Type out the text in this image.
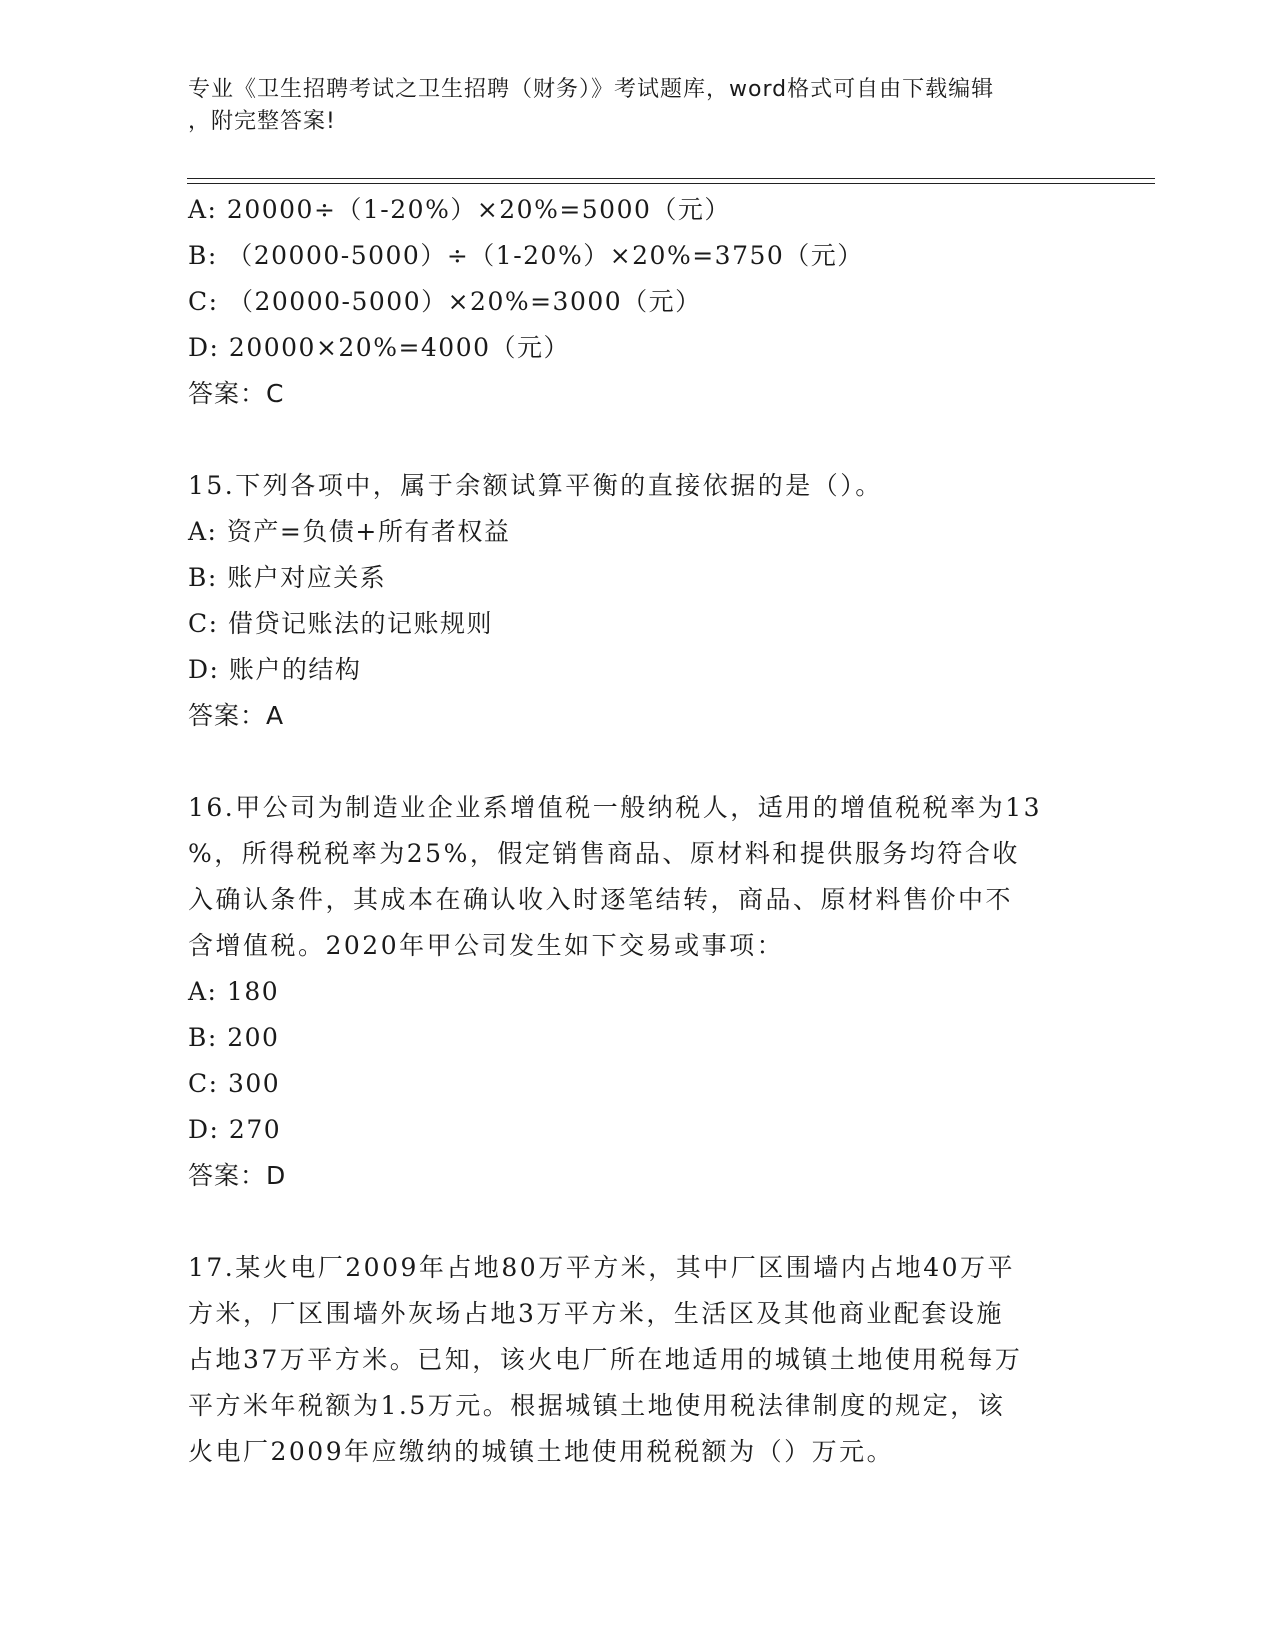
专业《卫生招聘考试之卫生招聘（财务）》考试题库，word格式可自由下载编辑
，附完整答案!
A: 20000÷（1-20%）×20%=5000（元）
B: （20000-5000）÷（1-20%）×20%=3750（元）
C: （20000-5000）×20%=3000（元）
D: 20000×20%=4000（元）
答案：C
15.下列各项中，属于余额试算平衡的直接依据的是（）。
A: 资产=负债+所有者权益
B: 账户对应关系
C: 借贷记账法的记账规则
D: 账户的结构
答案：A
16.甲公司为制造业企业系增值税一般纳税人，适用的增值税税率为13
%，所得税税率为25%，假定销售商品、原材料和提供服务均符合收
入确认条件，其成本在确认收入时逐笔结转，商品、原材料售价中不
含增值税。2020年甲公司发生如下交易或事项：
A: 180
B: 200
C: 300
D: 270
答案：D
17.某火电厂2009年占地80万平方米，其中厂区围墙内占地40万平
方米，厂区围墙外灰场占地3万平方米，生活区及其他商业配套设施
占地37万平方米。已知，该火电厂所在地适用的城镇土地使用税每万
平方米年税额为1.5万元。根据城镇土地使用税法律制度的规定，该
火电厂2009年应缴纳的城镇土地使用税税额为（）万元。
